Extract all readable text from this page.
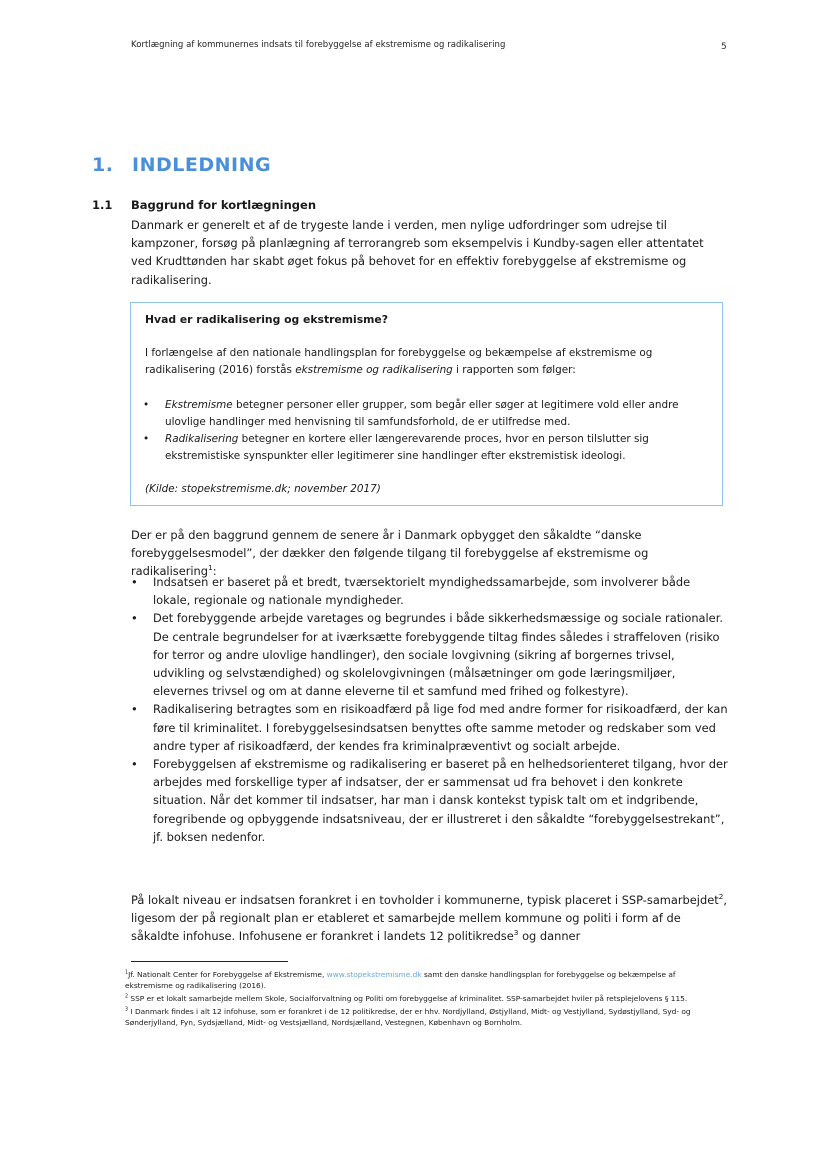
Kortlægning af kommunernes indsats til forebyggelse af ekstremisme og radikalisering	5
1. INDLEDNING
1.1 Baggrund for kortlægningen

Danmark er generelt et af de trygeste lande i verden, men nylige udfordringer som udrejse til kampzoner, forsøg på planlægning af terrorangreb som eksempelvis i Kundby-sagen eller attentatet ved Krudttønden har skabt øget fokus på behovet for en effektiv forebyggelse af ekstremisme og radikalisering.

Hvad er radikalisering og ekstremisme?

I forlængelse af den nationale handlingsplan for forebyggelse og bekæmpelse af ekstremisme og radikalisering (2016) forstås ekstremisme og radikalisering i rapporten som følger:

• Ekstremisme betegner personer eller grupper, som begår eller søger at legitimere vold eller andre ulovlige handlinger med henvisning til samfundsforhold, de er utilfredse med.
• Radikalisering betegner en kortere eller længerevarende proces, hvor en person tilslutter sig ekstremistiske synspunkter eller legitimerer sine handlinger efter ekstremistisk ideologi.
(Kilde: stopekstremisme.dk; november 2017)

Der er på den baggrund gennem de senere år i Danmark opbygget den såkaldte “danske forebyggelsesmodel”, der dækker den følgende tilgang til forebyggelse af ekstremisme og radikalisering$^1$:

• Indsatsen er baseret på et bredt, tværsektorielt myndighedssamarbejde, som involverer både lokale, regionale og nationale myndigheder.
• Det forebyggende arbejde varetages og begrundes i både sikkerhedsmæssige og sociale rationaler. De centrale begrundelser for at iværksætte forebyggende tiltag findes således i straffeloven (risiko for terror og andre ulovlige handlinger), den sociale lovgivning (sikring af borgernes trivsel, udvikling og selvstændighed) og skolelovgivningen (målsætninger om gode læringsmiljøer, elevernes trivsel og om at danne eleverne til et samfund med frihed og folkestyre).
• Radikalisering betragtes som en risikoadfærd på lige fod med andre former for risikoadfærd, der kan føre til kriminalitet. I forebyggelsesindsatsen benyttes ofte samme metoder og redskaber som ved andre typer af risikoadfærd, der kendes fra kriminalpræventivt og socialt arbejde.
• Forebyggelsen af ekstremisme og radikalisering er baseret på en helhedsorienteret tilgang, hvor der arbejdes med forskellige typer af indsatser, der er sammensat ud fra behovet i den konkrete situation. Når det kommer til indsatser, har man i dansk kontekst typisk talt om et indgribende, foregribende og opbyggende indsatsniveau, der er illustreret i den såkaldte “forebyggelsestrekant”, jf. boksen nedenfor.

På lokalt niveau er indsatsen forankret i en tovholder i kommunerne, typisk placeret i SSP-samarbejdet$^2$, ligesom der på regionalt plan er etableret et samarbejde mellem kommune og politi i form af de såkaldte infohuse. Infohusene er forankret i landets 12 politikredse$^3$ og danner

$^1$Jf. Nationalt Center for Forebyggelse af Ekstremisme, www.stopekstremisme.dk samt den danske handlingsplan for forebyggelse og bekæmpelse af ekstremisme og radikalisering (2016).

$^2$ SSP er et lokalt samarbejde mellem Skole, Socialforvaltning og Politi om forebyggelse af kriminalitet. SSP-samarbejdet hviler på retsplejelovens § 115.

$^3$ I Danmark findes i alt 12 infohuse, som er forankret i de 12 politikredse, der er hhv. Nordjylland, Østjylland, Midt- og Vestjylland, Sydøstjylland, Syd- og Sønderjylland, Fyn, Sydsjælland, Midt- og Vestsjælland, Nordsjælland, Vestegnen, København og Bornholm.
